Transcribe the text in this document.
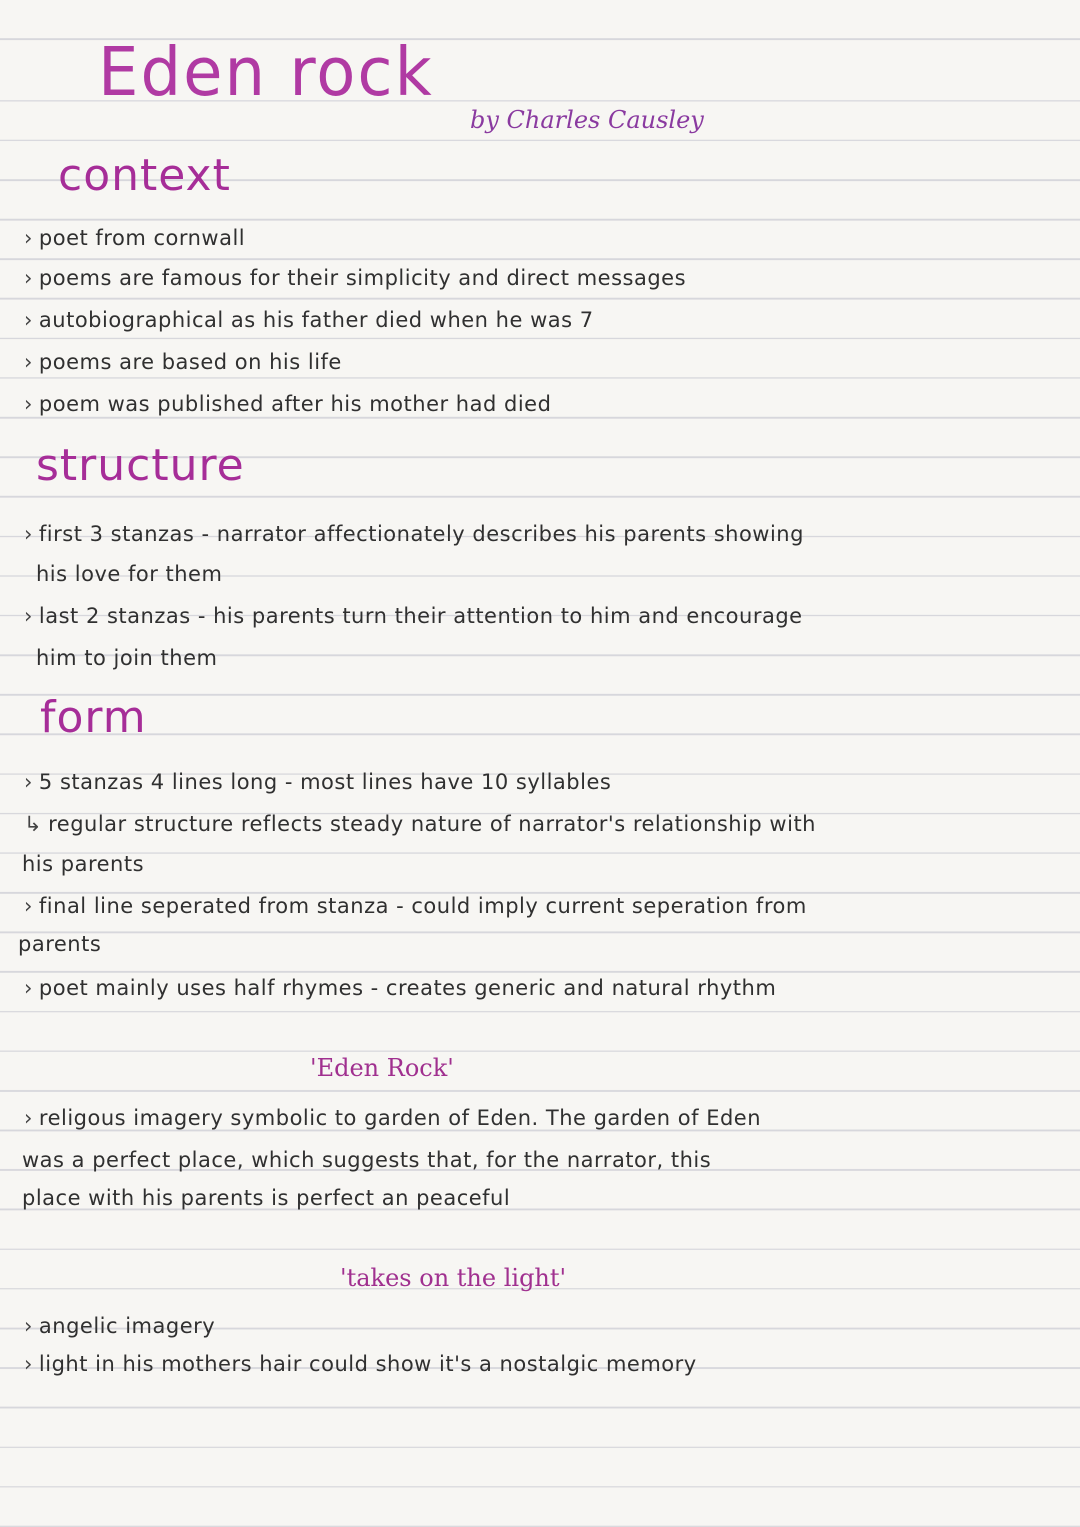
Eden rock
by Charles Causley
context
› poet from cornwall
› poems are famous for their simplicity and direct messages
› autobiographical as his father died when he was 7
› poems are based on his life
› poem was published after his mother had died
structure
› first 3 stanzas - narrator affectionately describes his parents showing
his love for them
› last 2 stanzas - his parents turn their attention to him and encourage
him to join them
form
› 5 stanzas 4 lines long - most lines have 10 syllables
↳ regular structure reflects steady nature of narrator's relationship with
his parents
› final line seperated from stanza - could imply current seperation from
parents
› poet mainly uses half rhymes - creates generic and natural rhythm
'Eden Rock'
› religous imagery symbolic to garden of Eden. The garden of Eden
was a perfect place, which suggests that, for the narrator, this
place with his parents is perfect an peaceful
'takes on the light'
› angelic imagery
› light in his mothers hair could show it's a nostalgic memory
